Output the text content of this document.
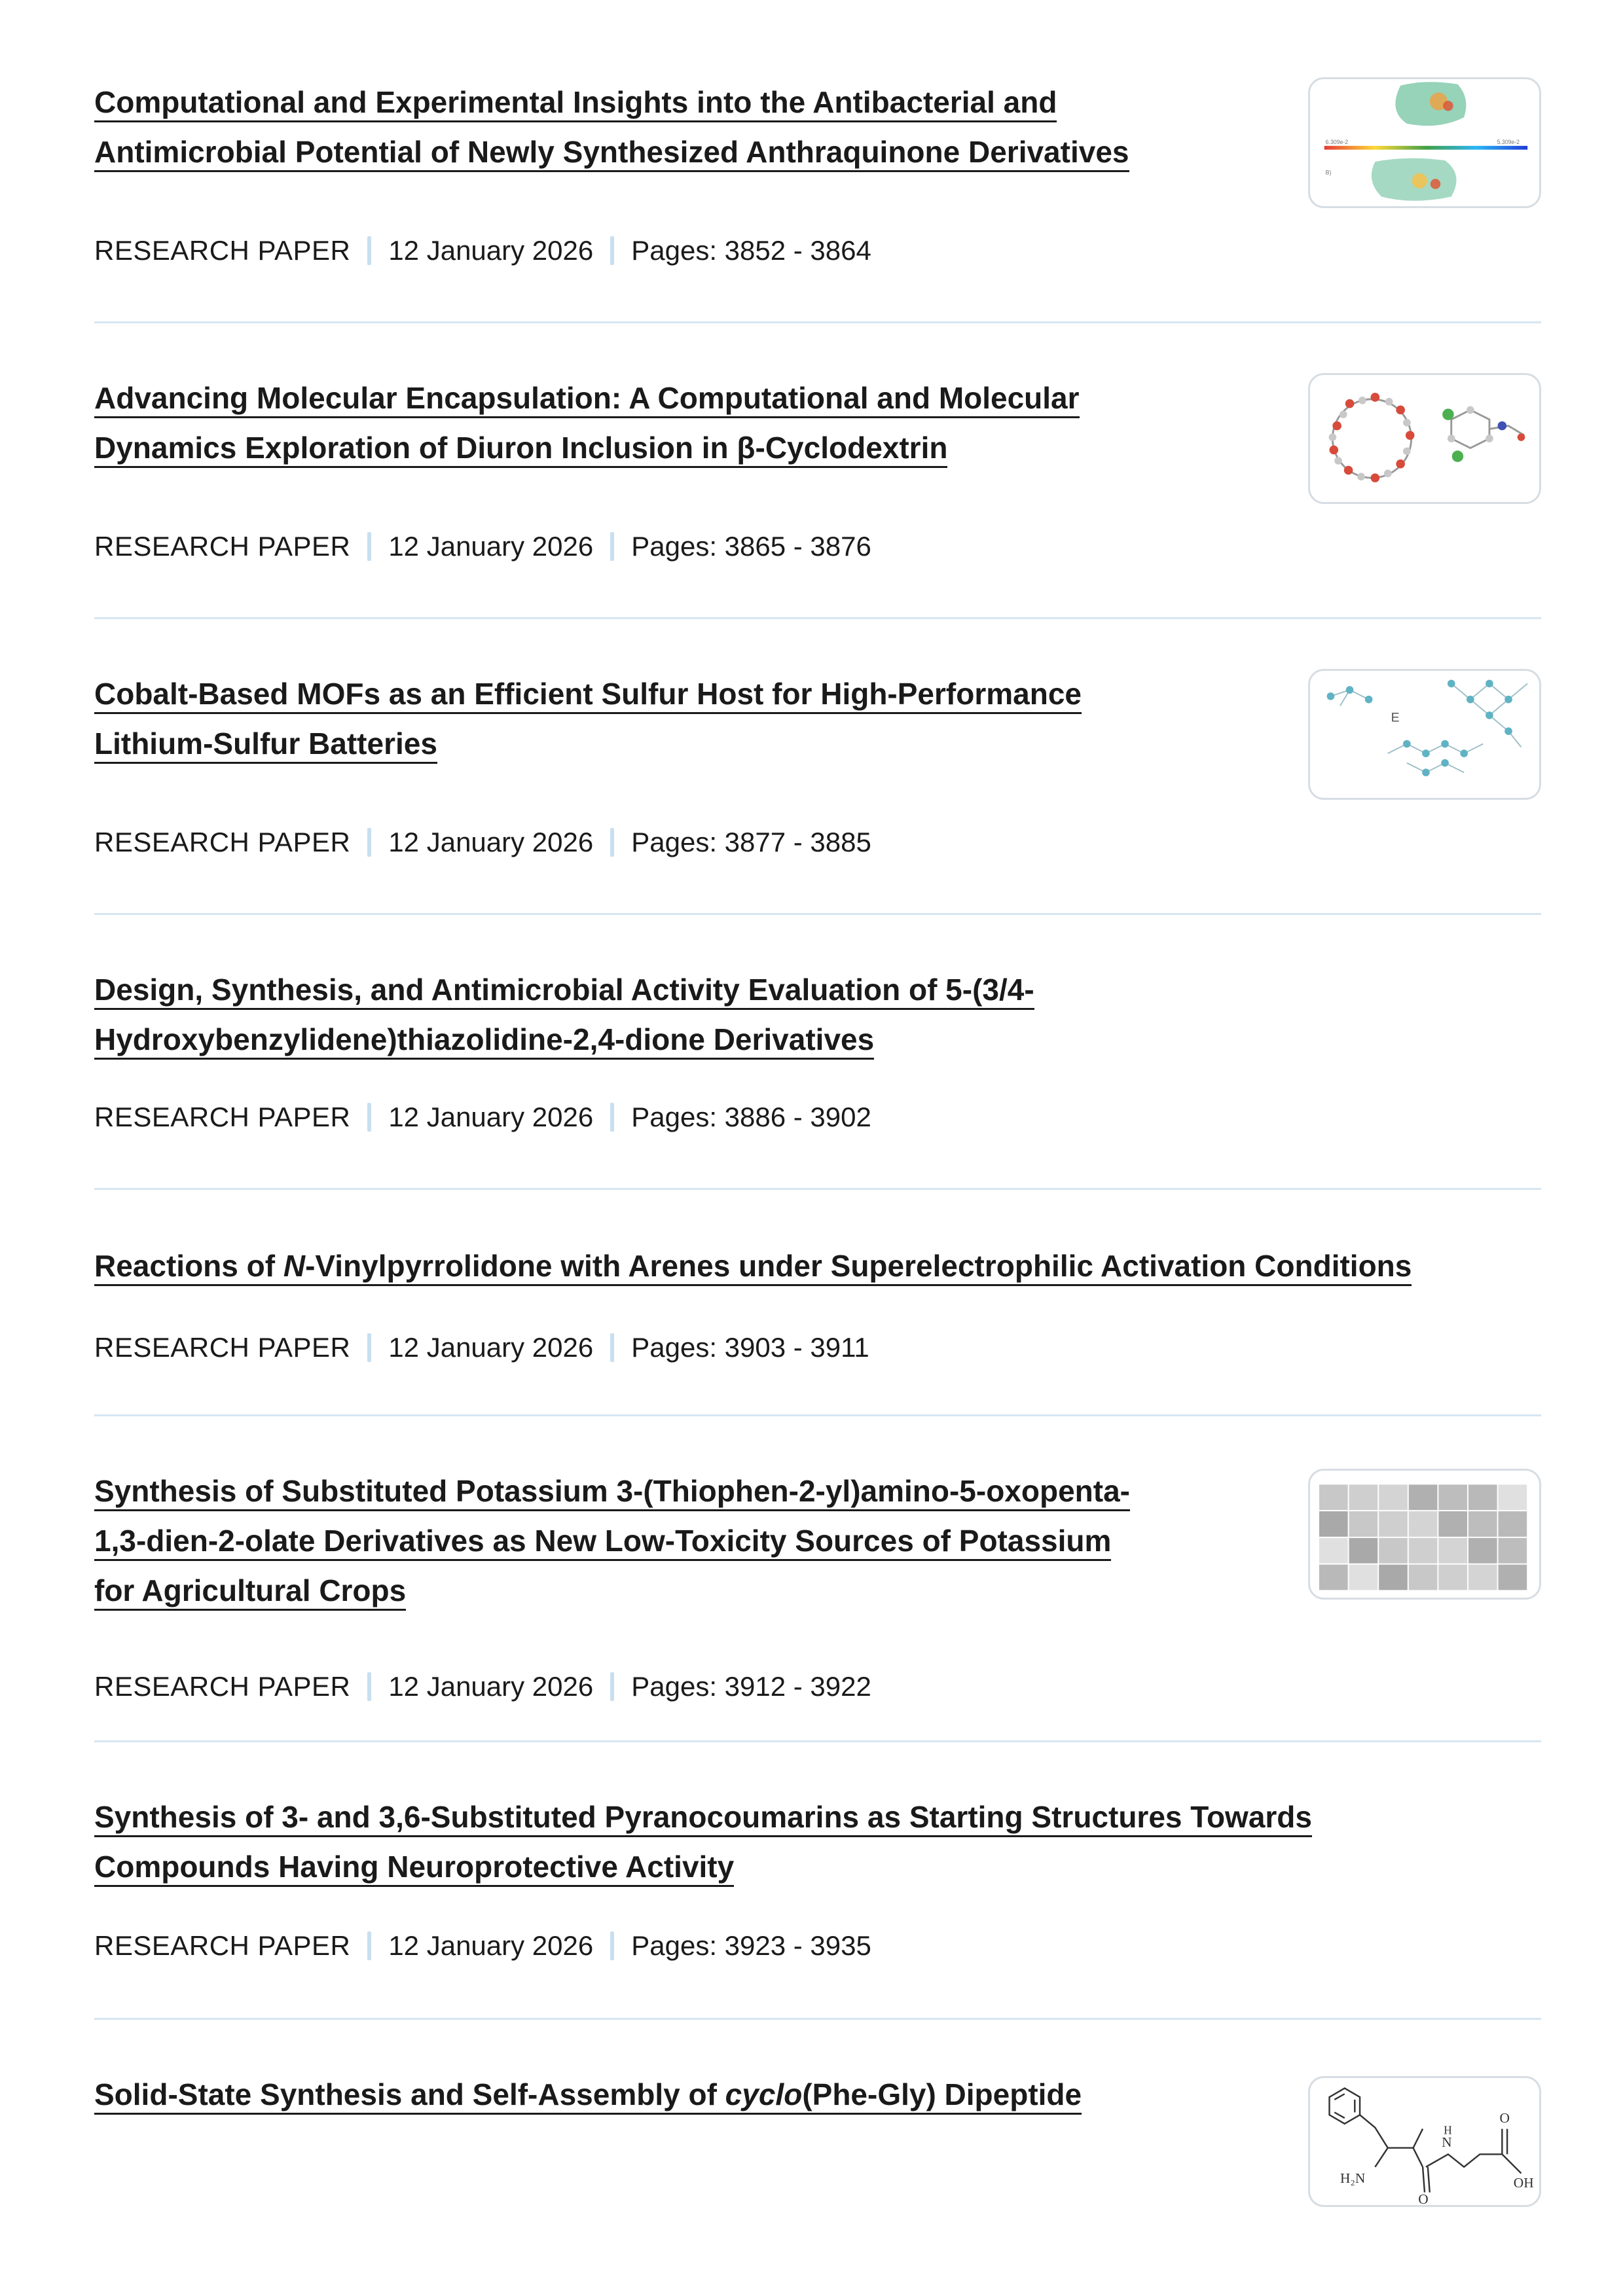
Computational and Experimental Insights into the Antibacterial and
Antimicrobial Potential of Newly Synthesized Anthraquinone Derivatives
RESEARCH PAPER 12 January 2026 Pages: 3852 - 3864
6.309e-2	5.309e-2
B)
Advancing Molecular Encapsulation: A Computational and Molecular
Dynamics Exploration of Diuron Inclusion in β-Cyclodextrin
RESEARCH PAPER 12 January 2026 Pages: 3865 - 3876
Cobalt-Based MOFs as an Efficient Sulfur Host for High-Performance
Lithium-Sulfur Batteries
RESEARCH PAPER 12 January 2026 Pages: 3877 - 3885
E
Design, Synthesis, and Antimicrobial Activity Evaluation of 5-(3/4-
Hydroxybenzylidene)thiazolidine-2,4-dione Derivatives
RESEARCH PAPER 12 January 2026 Pages: 3886 - 3902
Reactions of N-Vinylpyrrolidone with Arenes under Superelectrophilic Activation Conditions
RESEARCH PAPER 12 January 2026 Pages: 3903 - 3911
Synthesis of Substituted Potassium 3-(Thiophen-2-yl)amino-5-oxopenta-
1,3-dien-2-olate Derivatives as New Low-Toxicity Sources of Potassium
for Agricultural Crops
RESEARCH PAPER 12 January 2026 Pages: 3912 - 3922
Synthesis of 3- and 3,6-Substituted Pyranocoumarins as Starting Structures Towards
Compounds Having Neuroprotective Activity
RESEARCH PAPER 12 January 2026 Pages: 3923 - 3935
Solid-State Synthesis and Self-Assembly of cyclo(Phe-Gly) Dipeptide
H₂N
N
H
O
O
OH
